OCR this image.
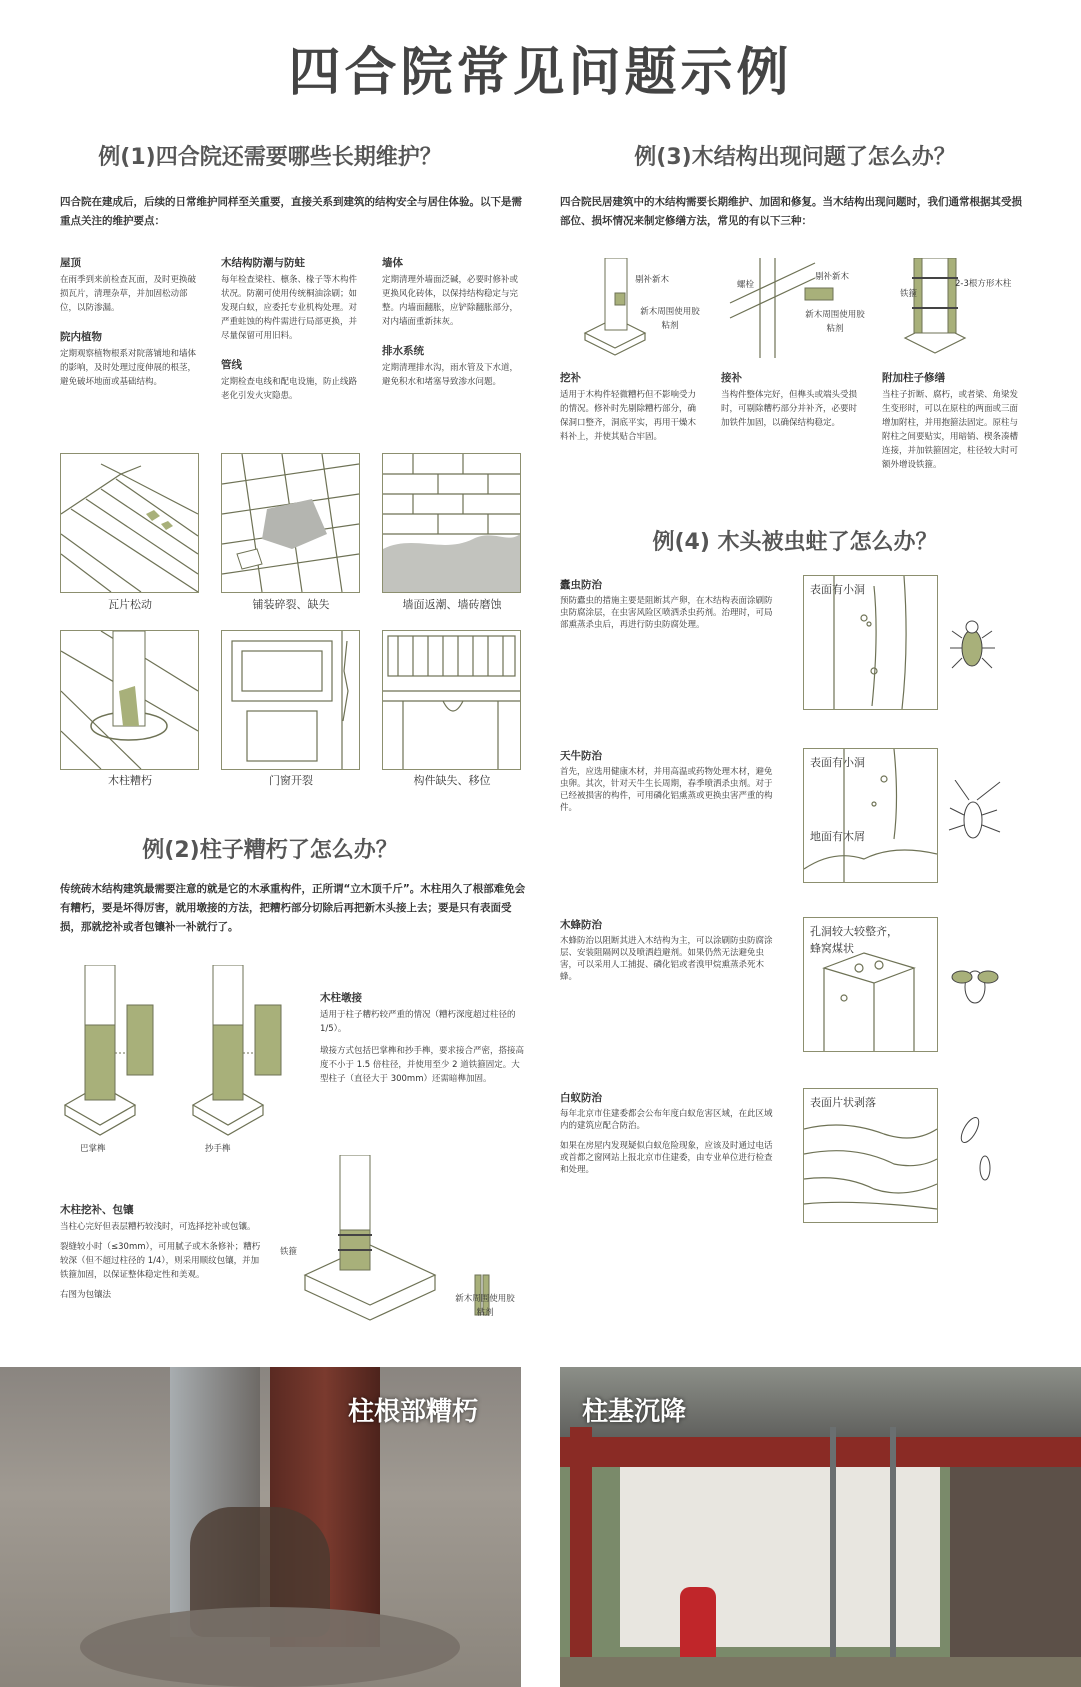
四合院常见问题示例
例(1)四合院还需要哪些长期维护？
四合院在建成后，后续的日常维护同样至关重要，直接关系到建筑的结构安全与居住体验。以下是需重点关注的维护要点：
屋顶
在雨季到来前检查瓦面，及时更换破损瓦片，清理杂草，并加固松动部位，以防渗漏。
院内植物
定期观察植物根系对院落铺地和墙体的影响，及时处理过度伸展的根茎，避免破坏地面或基础结构。
木结构防潮与防蛀
每年检查梁柱、檩条、椽子等木构件状况。防潮可使用传统桐油涂刷；如发现白蚁，应委托专业机构处理。对严重蛀蚀的构件需进行局部更换，并尽量保留可用旧料。
管线
定期检查电线和配电设施，防止线路老化引发火灾隐患。
墙体
定期清理外墙面泛碱，必要时修补或更换风化砖体，以保持结构稳定与完整。内墙面翻胀，应铲除翻胀部分，对内墙面重新抹灰。
排水系统
定期清理排水沟，雨水管及下水道，避免积水和堵塞导致渗水问题。
瓦片松动	铺装碎裂、缺失	墙面返潮、墙砖磨蚀
木柱糟朽	门窗开裂	构件缺失、移位
例(2)柱子糟朽了怎么办？
传统砖木结构建筑最需要注意的就是它的木承重构件，正所谓“立木顶千斤”。木柱用久了根部难免会有糟朽，要是坏得厉害，就用墩接的方法，把糟朽部分切除后再把新木头接上去；要是只有表面受损，那就挖补或者包镶补一补就行了。
巴掌榫	抄手榫
木柱墩接
适用于柱子糟朽较严重的情况（糟朽深度超过柱径的 1/5）。
墩接方式包括巴掌榫和抄手榫，要求接合严密，搭接高度不小于 1.5 倍柱径，并使用至少 2 道铁箍固定。大型柱子（直径大于 300mm）还需暗榫加固。
木柱挖补、包镶
当柱心完好但表层糟朽较浅时，可选择挖补或包镶。
裂缝较小时（≤30mm），可用腻子或木条修补；糟朽较深（但不超过柱径的 1/4），则采用顺纹包镶，并加铁箍加固，以保证整体稳定性和美观。
右图为包镶法
铁箍
新木周围使用胶粘剂
例(3)木结构出现问题了怎么办？
四合院民居建筑中的木结构需要长期维护、加固和修复。当木结构出现问题时，我们通常根据其受损部位、损坏情况来制定修缮方法，常见的有以下三种：
剔补新木
新木周围使用胶粘剂
螺栓
剔补新木
新木周围使用胶粘剂
铁箍
2-3根方形木柱
挖补
适用于木构件轻微糟朽但不影响受力的情况。修补时先剔除糟朽部分，确保洞口整齐，洞底平实，再用干燥木料补上，并使其贴合牢固。
接补
当构件整体完好，但榫头或端头受损时，可剔除糟朽部分并补齐，必要时加铁件加固，以确保结构稳定。
附加柱子修缮
当柱子折断、腐朽，或者梁、角梁发生变形时，可以在原柱的两面或三面增加附柱，并用抱箍法固定。原柱与附柱之间要贴实，用暗销、楔条凑槽连接，并加铁箍固定，柱径较大时可额外增设铁箍。
例(4) 木头被虫蛀了怎么办？
蠹虫防治
预防蠹虫的措施主要是阻断其产卵，在木结构表面涂刷防虫防腐涂层，在虫害风险区喷洒杀虫药剂。治理时，可局部熏蒸杀虫后，再进行防虫防腐处理。
表面有小洞
天牛防治
首先，应选用健康木材，并用高温或药物处理木材，避免虫卵。其次，针对天牛生长周期，春季喷洒杀虫剂。对于已经被损害的构件，可用磷化铝熏蒸或更换虫害严重的构件。
表面有小洞
地面有木屑
木蜂防治
木蜂防治以阻断其进入木结构为主，可以涂刷防虫防腐涂层、安装阻隔网以及喷洒趋避剂。如果仍然无法避免虫害，可以采用人工捕捉、磷化铝或者溴甲烷熏蒸杀死木蜂。
孔洞较大较整齐，
蜂窝煤状
白蚁防治
每年北京市住建委都会公布年度白蚁危害区域，在此区域内的建筑应配合防治。
如果在房屋内发现疑似白蚁危险现象，应该及时通过电话或首都之窗网站上报北京市住建委，由专业单位进行检查和处理。
表面片状剥落
柱根部糟朽	柱基沉降
